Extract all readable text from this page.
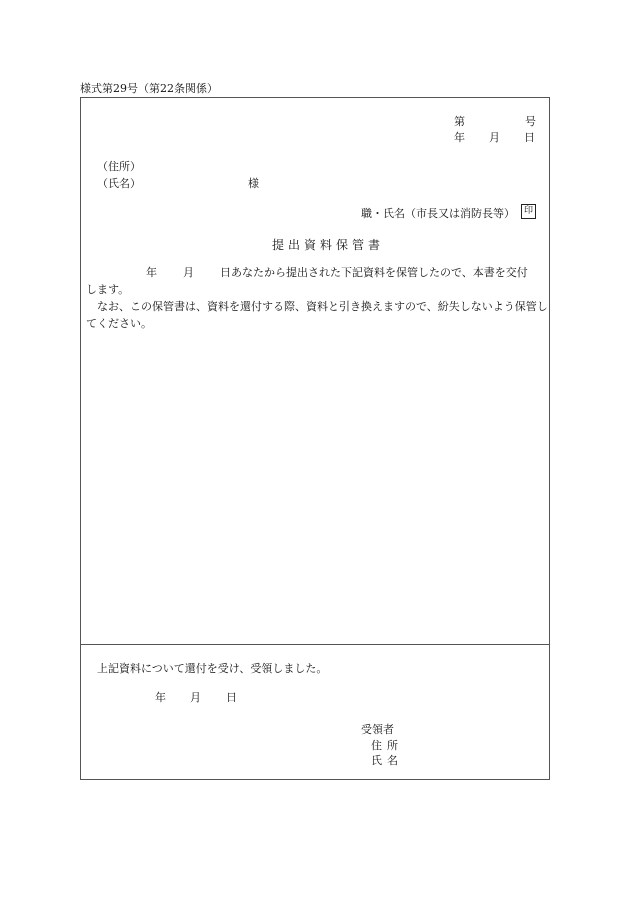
様式第29号（第22条関係）
第	号
年 月 日
（住所）
（氏名）	様
職・氏名（市長又は消防長等） 印
提出資料保管書

年 月 日あなたから提出された下記資料を保管したので、本書を交付

します。

なお、この保管書は、資料を還付する際、資料と引き換えますので、紛失しないよう保管してください。

上記資料について還付を受け、受領しました。
年 月 日
受領者
住所
氏名
